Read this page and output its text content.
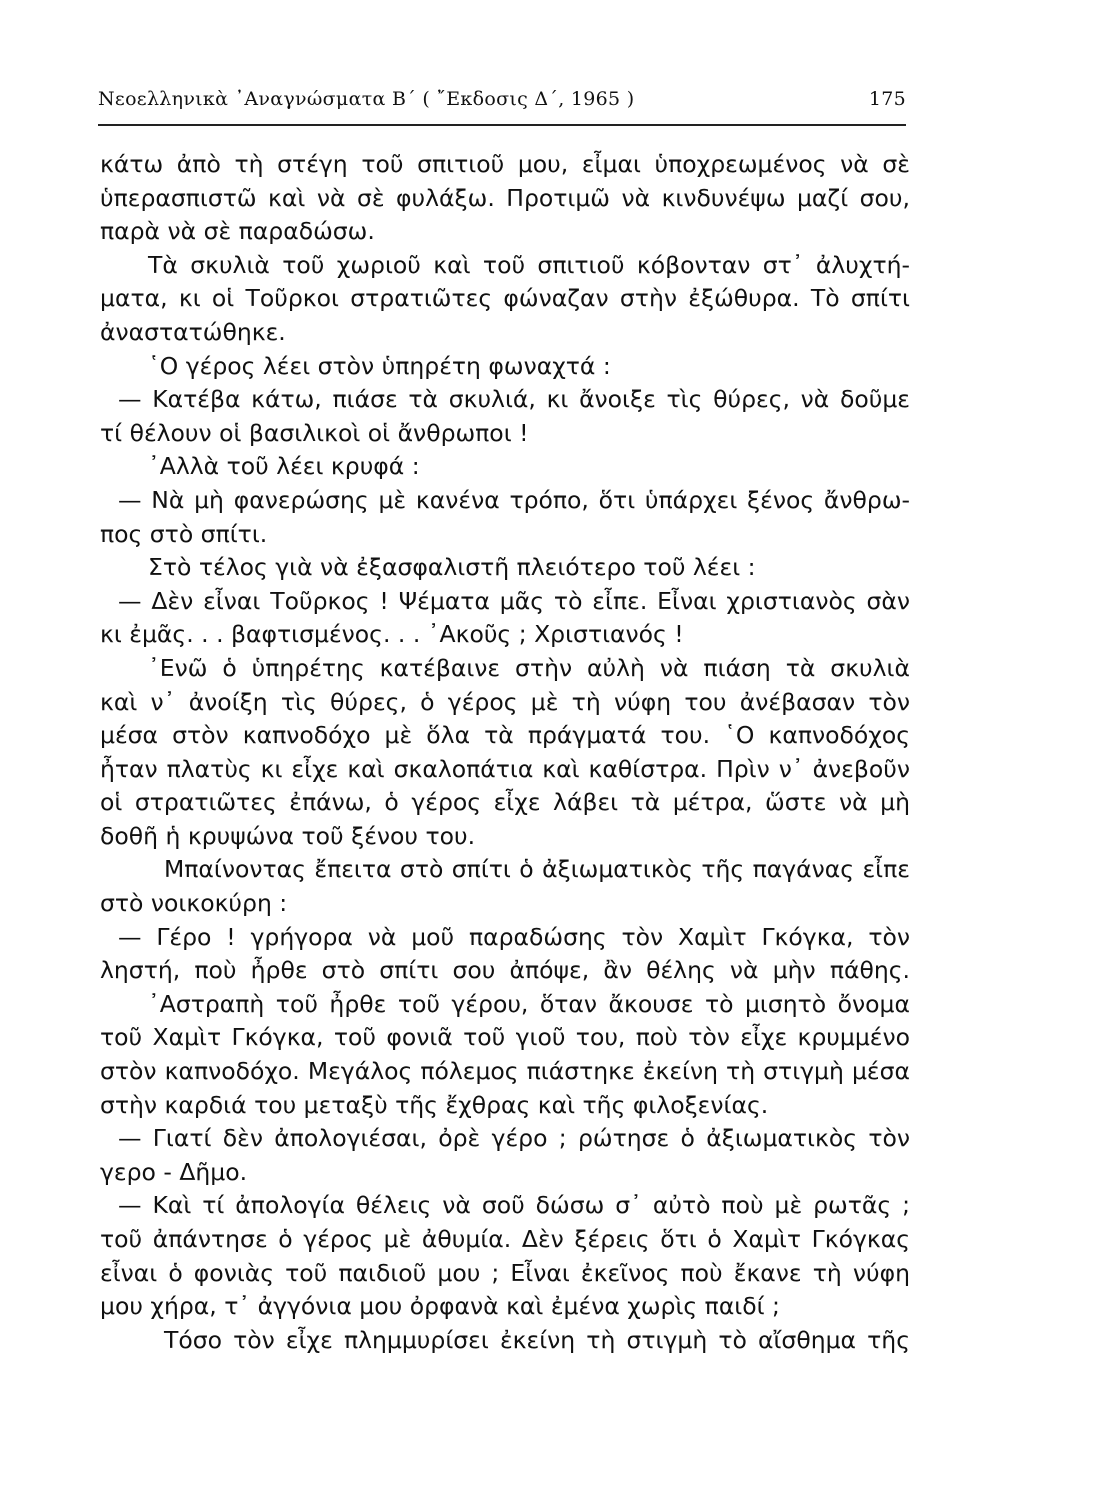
Νεοελληνικὰ ᾿Αναγνώσματα Β΄ ( ῎Εκδοσις Δ΄, 1965 )	175
κάτω ἀπὸ τὴ στέγη τοῦ σπιτιοῦ μου, εἶμαι ὑποχρεωμένος νὰ σὲ
ὑπερασπιστῶ καὶ νὰ σὲ φυλάξω. Προτιμῶ νὰ κινδυνέψω μαζί σου,
παρὰ νὰ σὲ παραδώσω.
Τὰ σκυλιὰ τοῦ χωριοῦ καὶ τοῦ σπιτιοῦ κόβονταν στ᾿ ἀλυχτή-
ματα, κι οἱ Τοῦρκοι στρατιῶτες φώναζαν στὴν ἐξώθυρα. Τὸ σπίτι
ἀναστατώθηκε.
῾Ο γέρος λέει στὸν ὑπηρέτη φωναχτά :
— Κατέβα κάτω, πιάσε τὰ σκυλιά, κι ἄνοιξε τὶς θύρες, νὰ δοῦμε
τί θέλουν οἱ βασιλικοὶ οἱ ἄνθρωποι !
᾿Αλλὰ τοῦ λέει κρυφά :
— Νὰ μὴ φανερώσης μὲ κανένα τρόπο, ὅτι ὑπάρχει ξένος ἄνθρω-
πος στὸ σπίτι.
Στὸ τέλος γιὰ νὰ ἐξασφαλιστῆ πλειότερο τοῦ λέει :
— Δὲν εἶναι Τοῦρκος ! Ψέματα μᾶς τὸ εἶπε. Εἶναι χριστιανὸς σὰν
κι ἐμᾶς. . . βαφτισμένος. . . ᾿Ακοῦς ; Χριστιανός !
᾿Ενῶ ὁ ὑπηρέτης κατέβαινε στὴν αὐλὴ νὰ πιάση τὰ σκυλιὰ
καὶ ν᾿ ἀνοίξη τὶς θύρες, ὁ γέρος μὲ τὴ νύφη του ἀνέβασαν τὸν
μέσα στὸν καπνοδόχο μὲ ὅλα τὰ πράγματά του. ῾Ο καπνοδόχος
ἦταν πλατὺς κι εἶχε καὶ σκαλοπάτια καὶ καθίστρα. Πρὶν ν᾿ ἀνεβοῦν
οἱ στρατιῶτες ἐπάνω, ὁ γέρος εἶχε λάβει τὰ μέτρα, ὥστε νὰ μὴ
δοθῆ ἡ κρυψώνα τοῦ ξένου του.
Μπαίνοντας ἔπειτα στὸ σπίτι ὁ ἀξιωματικὸς τῆς παγάνας εἶπε
στὸ νοικοκύρη :
— Γέρο ! γρήγορα νὰ μοῦ παραδώσης τὸν Χαμὶτ Γκόγκα, τὸν
ληστή, ποὺ ἦρθε στὸ σπίτι σου ἀπόψε, ἂν θέλης νὰ μὴν πάθης.
᾿Αστραπὴ τοῦ ἦρθε τοῦ γέρου, ὅταν ἄκουσε τὸ μισητὸ ὄνομα
τοῦ Χαμὶτ Γκόγκα, τοῦ φονιᾶ τοῦ γιοῦ του, ποὺ τὸν εἶχε κρυμμένο
στὸν καπνοδόχο. Μεγάλος πόλεμος πιάστηκε ἐκείνη τὴ στιγμὴ μέσα
στὴν καρδιά του μεταξὺ τῆς ἔχθρας καὶ τῆς φιλοξενίας.
— Γιατί δὲν ἀπολογιέσαι, ὀρὲ γέρο ; ρώτησε ὁ ἀξιωματικὸς τὸν
γερο - Δῆμο.
— Καὶ τί ἀπολογία θέλεις νὰ σοῦ δώσω σ᾿ αὐτὸ ποὺ μὲ ρωτᾶς ;
τοῦ ἀπάντησε ὁ γέρος μὲ ἀθυμία. Δὲν ξέρεις ὅτι ὁ Χαμὶτ Γκόγκας
εἶναι ὁ φονιὰς τοῦ παιδιοῦ μου ; Εἶναι ἐκεῖνος ποὺ ἔκανε τὴ νύφη
μου χήρα, τ᾿ ἀγγόνια μου ὀρφανὰ καὶ ἐμένα χωρὶς παιδί ;
Τόσο τὸν εἶχε πλημμυρίσει ἐκείνη τὴ στιγμὴ τὸ αἴσθημα τῆς
